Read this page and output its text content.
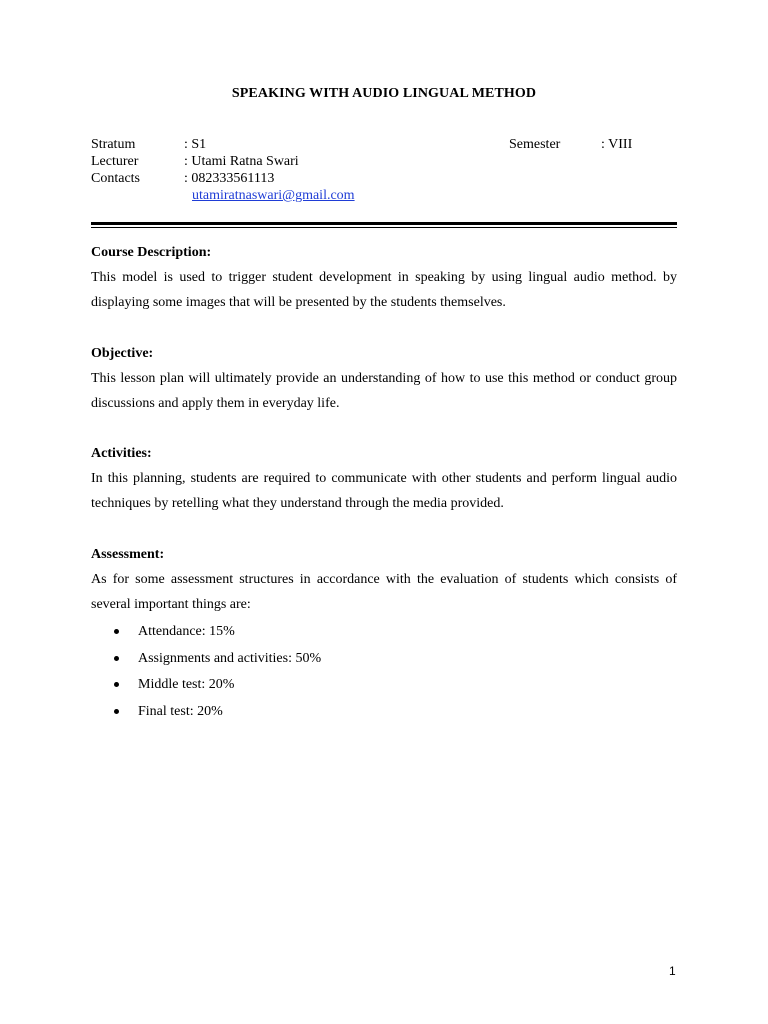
SPEAKING WITH AUDIO LINGUAL METHOD
Stratum	: S1
Lecturer	: Utami Ratna Swari
Contacts	: 082333561113
utamiratnaswari@gmail.com
Semester	: VIII
Course Description:

This model is used to trigger student development in speaking by using lingual audio method. by displaying some images that will be presented by the students themselves.

Objective:

This lesson plan will ultimately provide an understanding of how to use this method or conduct group discussions and apply them in everyday life.

Activities:

In this planning, students are required to communicate with other students and perform lingual audio techniques by retelling what they understand through the media provided.

Assessment:

As for some assessment structures in accordance with the evaluation of students which consists of several important things are:

Attendance: 15%
Assignments and activities: 50%
Middle test: 20%
Final test: 20%
1
